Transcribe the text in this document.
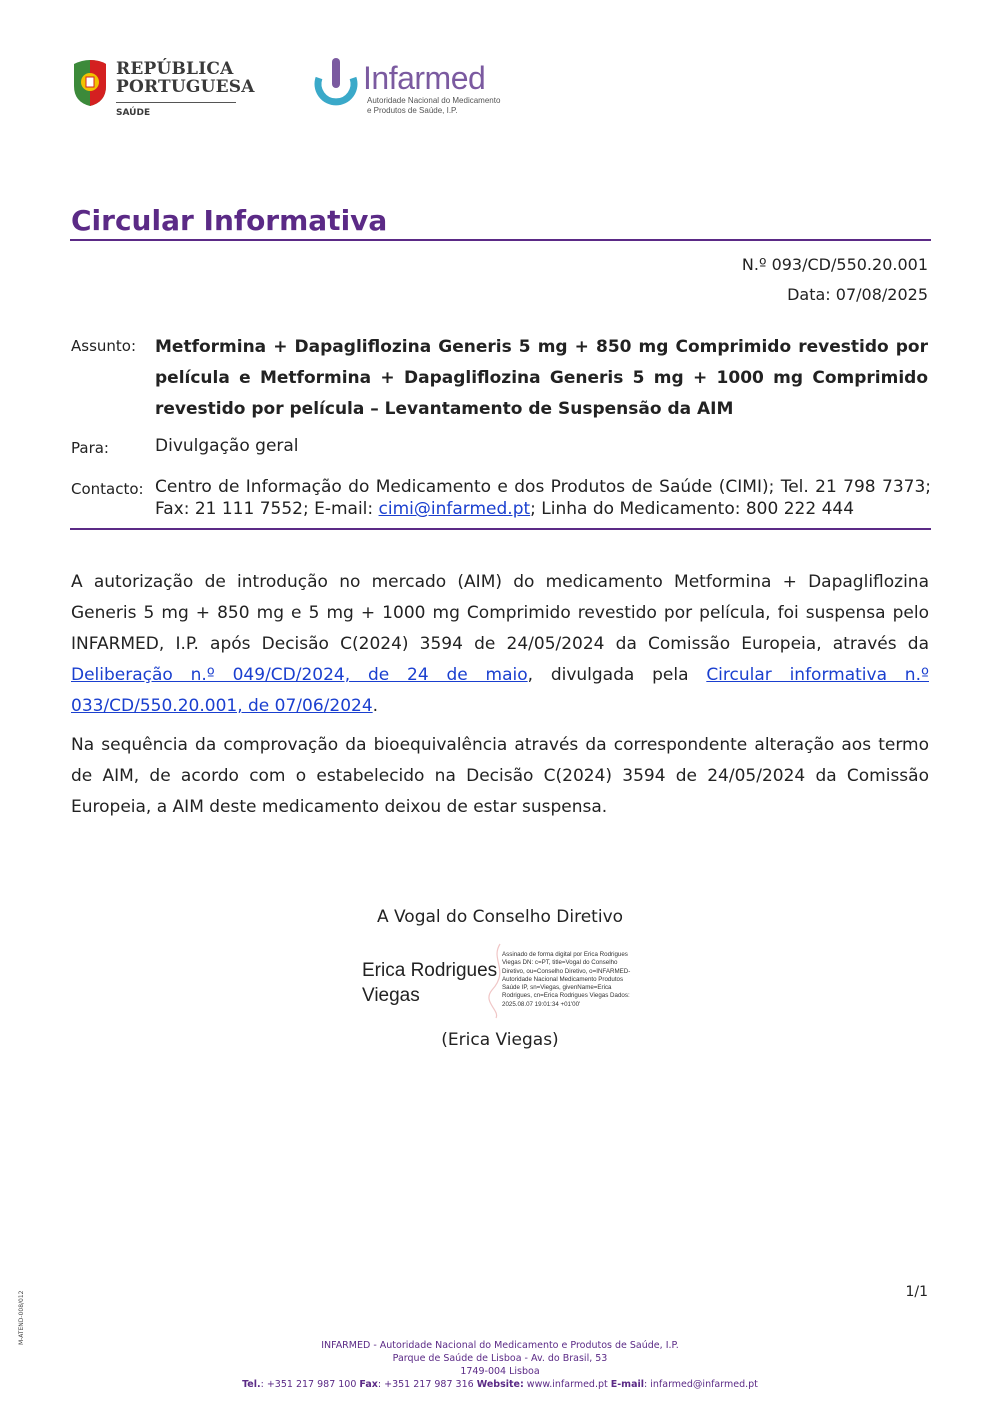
REPÚBLICA
PORTUGUESA
SAÚDE
Infarmed
Autoridade Nacional do Medicamento e Produtos de Saúde, I.P.
Circular Informativa
N.º 093/CD/550.20.001
Data: 07/08/2025
Assunto: Metformina + Dapagliflozina Generis 5 mg + 850 mg Comprimido revestido por película e Metformina + Dapagliflozina Generis 5 mg + 1000 mg Comprimido revestido por película – Levantamento de Suspensão da AIM
Para:	Divulgação geral
Contacto: Centro de Informação do Medicamento e dos Produtos de Saúde (CIMI); Tel. 21 798 7373; Fax: 21 111 7552; E-mail: cimi@infarmed.pt; Linha do Medicamento: 800 222 444
A autorização de introdução no mercado (AIM) do medicamento Metformina + Dapagliflozina Generis 5 mg + 850 mg e 5 mg + 1000 mg Comprimido revestido por película, foi suspensa pelo INFARMED, I.P. após Decisão C(2024) 3594 de 24/05/2024 da Comissão Europeia, através da Deliberação n.º 049/CD/2024, de 24 de maio, divulgada pela Circular informativa n.º 033/CD/550.20.001, de 07/06/2024.
Na sequência da comprovação da bioequivalência através da correspondente alteração aos termo de AIM, de acordo com o estabelecido na Decisão C(2024) 3594 de 24/05/2024 da Comissão Europeia, a AIM deste medicamento deixou de estar suspensa.
A Vogal do Conselho Diretivo
Erica Rodrigues
Viegas
Assinado de forma digital por Erica Rodrigues Viegas DN: c=PT, title=Vogal do Conselho Diretivo, ou=Conselho Diretivo, o=INFARMED-Autoridade Nacional Medicamento Produtos Saúde IP, sn=Viegas, givenName=Erica Rodrigues, cn=Erica Rodrigues Viegas Dados: 2025.08.07 19:01:34 +01'00'
(Erica Viegas)
1/1
M-ATEND-008/012
INFARMED - Autoridade Nacional do Medicamento e Produtos de Saúde, I.P.
Parque de Saúde de Lisboa - Av. do Brasil, 53
1749-004 Lisboa
Tel.: +351 217 987 100 Fax: +351 217 987 316 Website: www.infarmed.pt E-mail: infarmed@infarmed.pt
